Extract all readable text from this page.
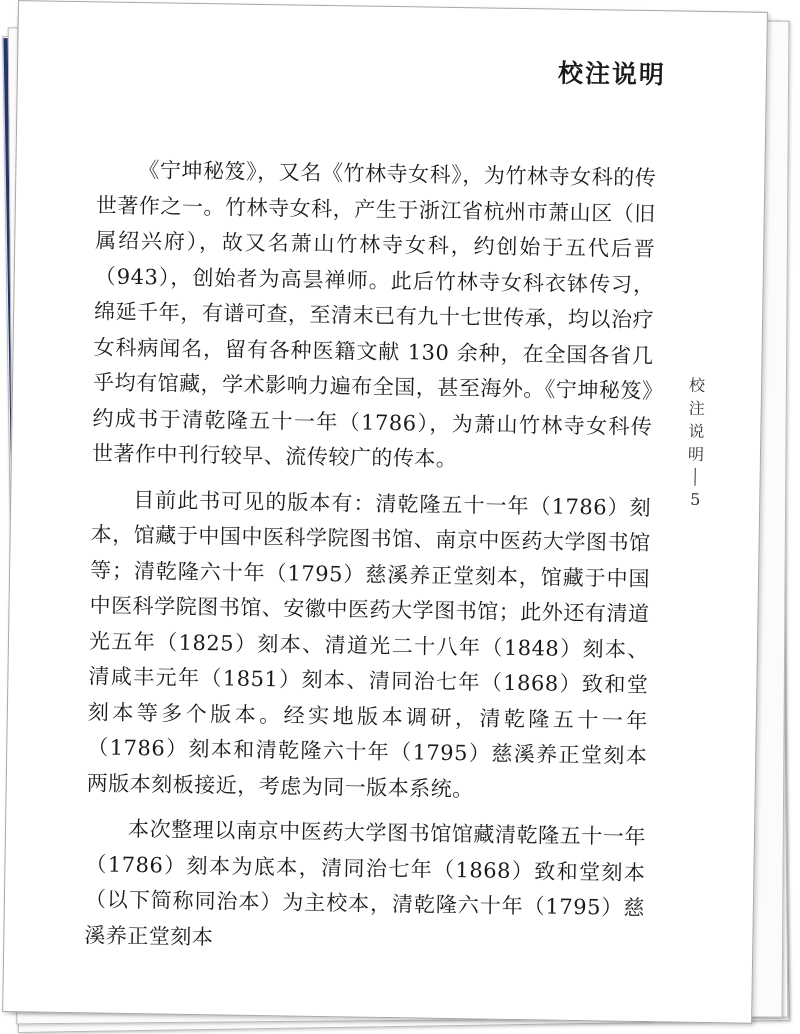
校注说明

《宁坤秘笈》，又名《竹林寺女科》，为竹林寺女科的传世著作之一。竹林寺女科，产生于浙江省杭州市萧山区（旧属绍兴府），故又名萧山竹林寺女科，约创始于五代后晋（943），创始者为高昙禅师。此后竹林寺女科衣钵传习，绵延千年，有谱可查，至清末已有九十七世传承，均以治疗女科病闻名，留有各种医籍文献 130 余种，在全国各省几乎均有馆藏，学术影响力遍布全国，甚至海外。《宁坤秘笈》约成书于清乾隆五十一年（1786），为萧山竹林寺女科传世著作中刊行较早、流传较广的传本。

目前此书可见的版本有：清乾隆五十一年（1786）刻本，馆藏于中国中医科学院图书馆、南京中医药大学图书馆等；清乾隆六十年（1795）慈溪养正堂刻本，馆藏于中国中医科学院图书馆、安徽中医药大学图书馆；此外还有清道光五年（1825）刻本、清道光二十八年（1848）刻本、清咸丰元年（1851）刻本、清同治七年（1868）致和堂刻本等多个版本。经实地版本调研，清乾隆五十一年（1786）刻本和清乾隆六十年（1795）慈溪养正堂刻本两版本刻板接近，考虑为同一版本系统。

本次整理以南京中医药大学图书馆馆藏清乾隆五十一年（1786）刻本为底本，清同治七年（1868）致和堂刻本（以下简称同治本）为主校本，清乾隆六十年（1795）慈溪养正堂刻本

校
注
说
明
5
